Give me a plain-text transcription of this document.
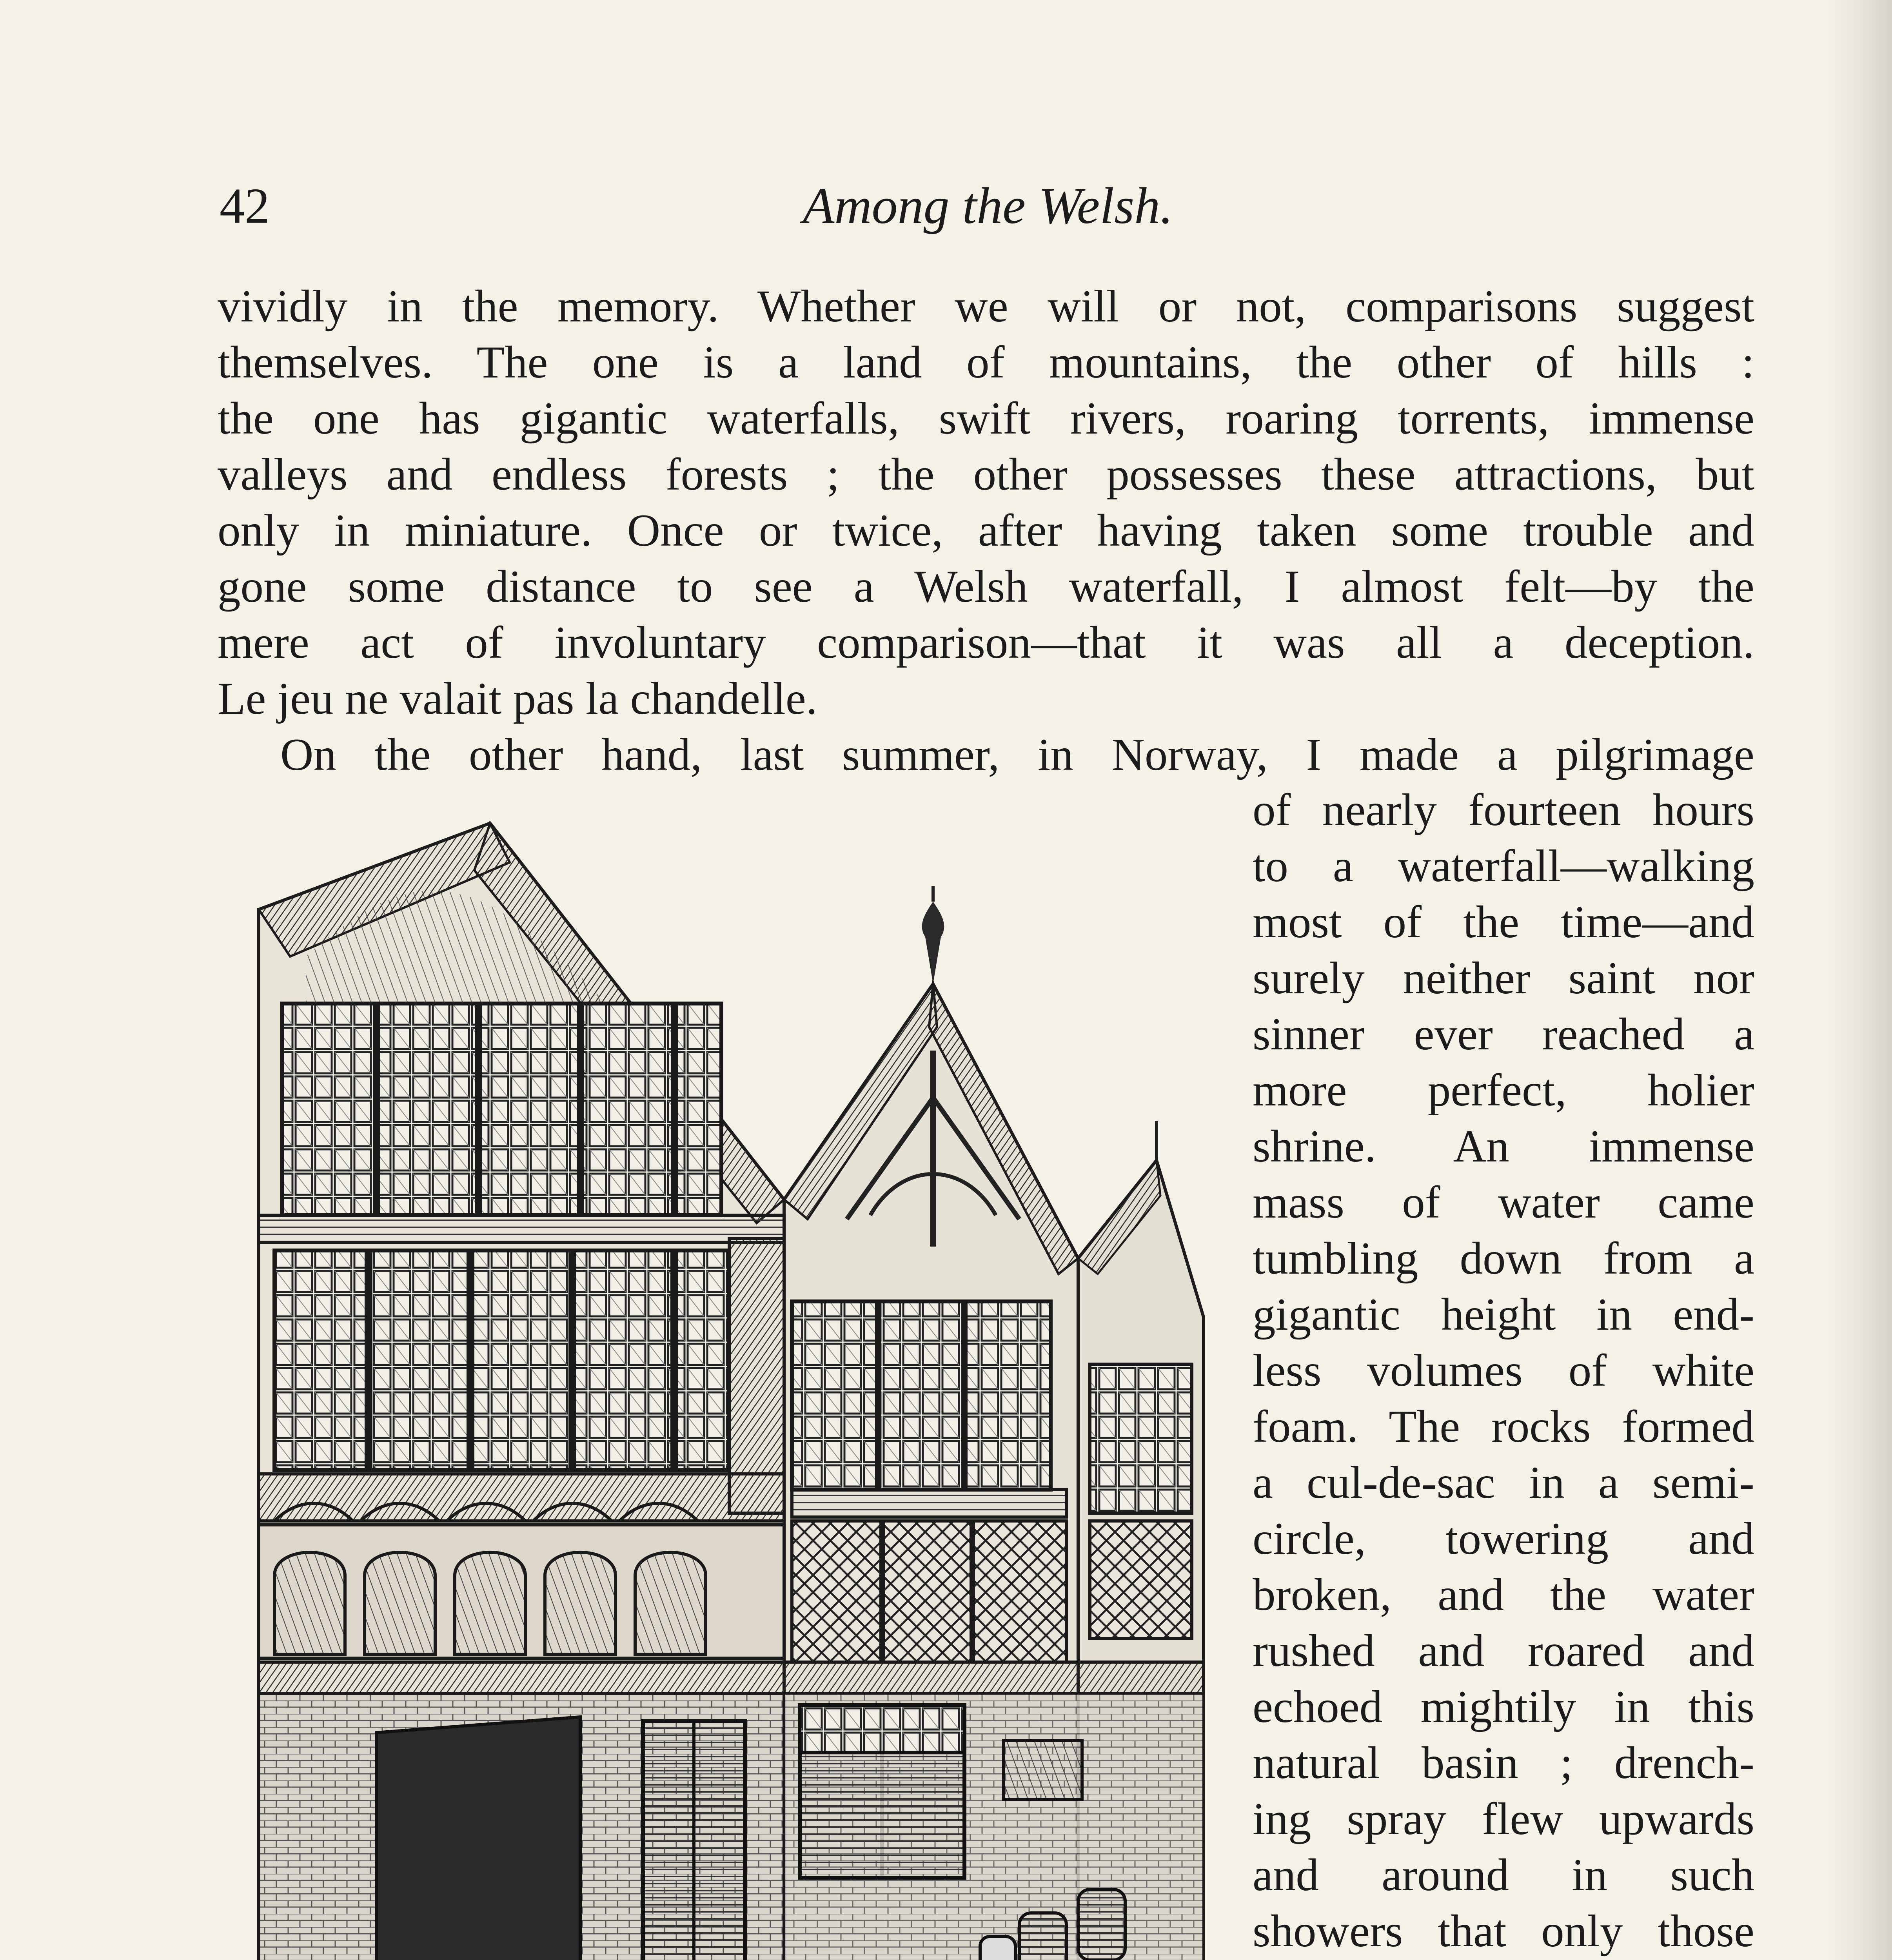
42	Among the Welsh.

vividly in the memory. Whether we will or not, comparisons suggest
themselves. The one is a land of mountains, the other of hills :
the one has gigantic waterfalls, swift rivers, roaring torrents, immense
valleys and endless forests ; the other possesses these attractions, but
only in miniature. Once or twice, after having taken some trouble and
gone some distance to see a Welsh waterfall, I almost felt—by the
mere act of involuntary comparison—that it was all a deception.
Le jeu ne valait pas la chandelle.

On the other hand, last summer, in Norway, I made a pilgrimage

of nearly fourteen hours
to a waterfall—walking
most of the time—and
surely neither saint nor
sinner ever reached a
more perfect, holier
shrine. An immense
mass of water came
tumbling down from a
gigantic height in end-
less volumes of white
foam. The rocks formed
a cul-de-sac in a semi-
circle, towering and
broken, and the water
rushed and roared and
echoed mightily in this
natural basin ; drench-
ing spray flew upwards
and around in such
showers that only those
